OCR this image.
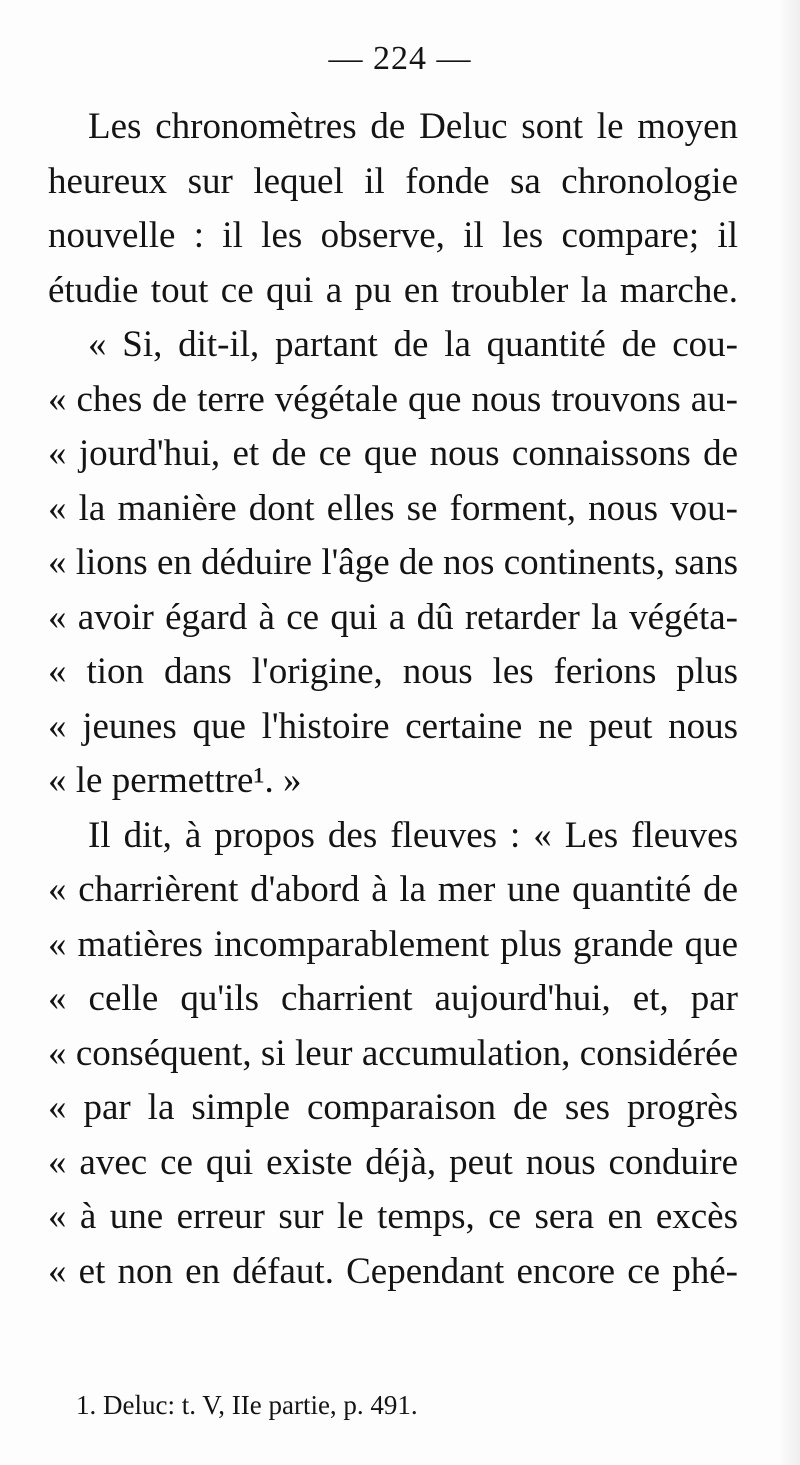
— 224 —
Les chronomètres de Deluc sont le moyen
heureux sur lequel il fonde sa chronologie
nouvelle : il les observe, il les compare; il
étudie tout ce qui a pu en troubler la marche.
« Si, dit-il, partant de la quantité de cou-
« ches de terre végétale que nous trouvons au-
« jourd'hui, et de ce que nous connaissons de
« la manière dont elles se forment, nous vou-
« lions en déduire l'âge de nos continents, sans
« avoir égard à ce qui a dû retarder la végéta-
« tion dans l'origine, nous les ferions plus
« jeunes que l'histoire certaine ne peut nous
« le permettre¹. »
Il dit, à propos des fleuves : « Les fleuves
« charrièrent d'abord à la mer une quantité de
« matières incomparablement plus grande que
« celle qu'ils charrient aujourd'hui, et, par
« conséquent, si leur accumulation, considérée
« par la simple comparaison de ses progrès
« avec ce qui existe déjà, peut nous conduire
« à une erreur sur le temps, ce sera en excès
« et non en défaut. Cependant encore ce phé-
1. Deluc: t. V, IIe partie, p. 491.
